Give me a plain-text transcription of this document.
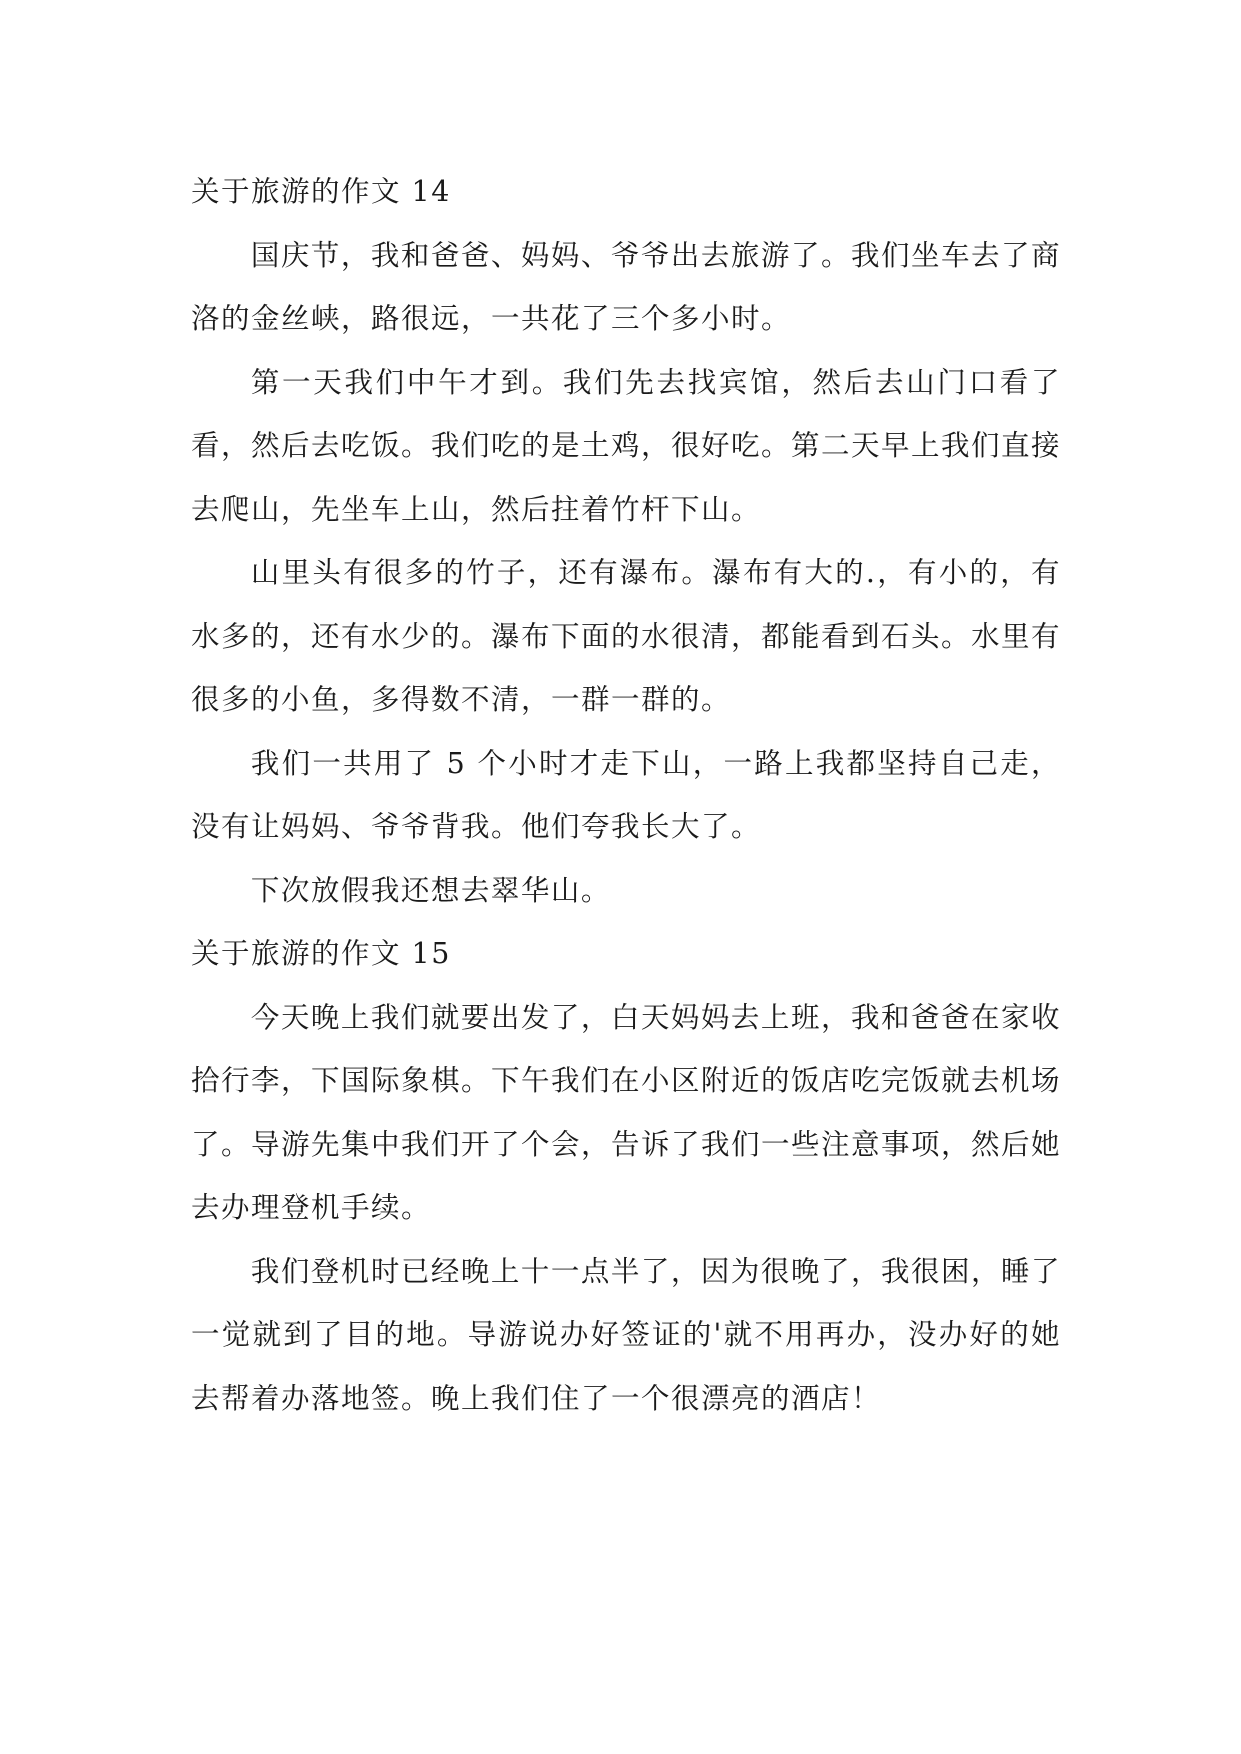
关于旅游的作文 14

国庆节，我和爸爸、妈妈、爷爷出去旅游了。我们坐车去了商洛的金丝峡，路很远，一共花了三个多小时。

第一天我们中午才到。我们先去找宾馆，然后去山门口看了看，然后去吃饭。我们吃的是土鸡，很好吃。第二天早上我们直接去爬山，先坐车上山，然后拄着竹杆下山。

山里头有很多的竹子，还有瀑布。瀑布有大的.，有小的，有水多的，还有水少的。瀑布下面的水很清，都能看到石头。水里有很多的小鱼，多得数不清，一群一群的。

我们一共用了 5 个小时才走下山，一路上我都坚持自己走，没有让妈妈、爷爷背我。他们夸我长大了。

下次放假我还想去翠华山。

关于旅游的作文 15

今天晚上我们就要出发了，白天妈妈去上班，我和爸爸在家收拾行李，下国际象棋。下午我们在小区附近的饭店吃完饭就去机场了。导游先集中我们开了个会，告诉了我们一些注意事项，然后她去办理登机手续。

我们登机时已经晚上十一点半了，因为很晚了，我很困，睡了一觉就到了目的地。导游说办好签证的'就不用再办，没办好的她去帮着办落地签。晚上我们住了一个很漂亮的酒店！
